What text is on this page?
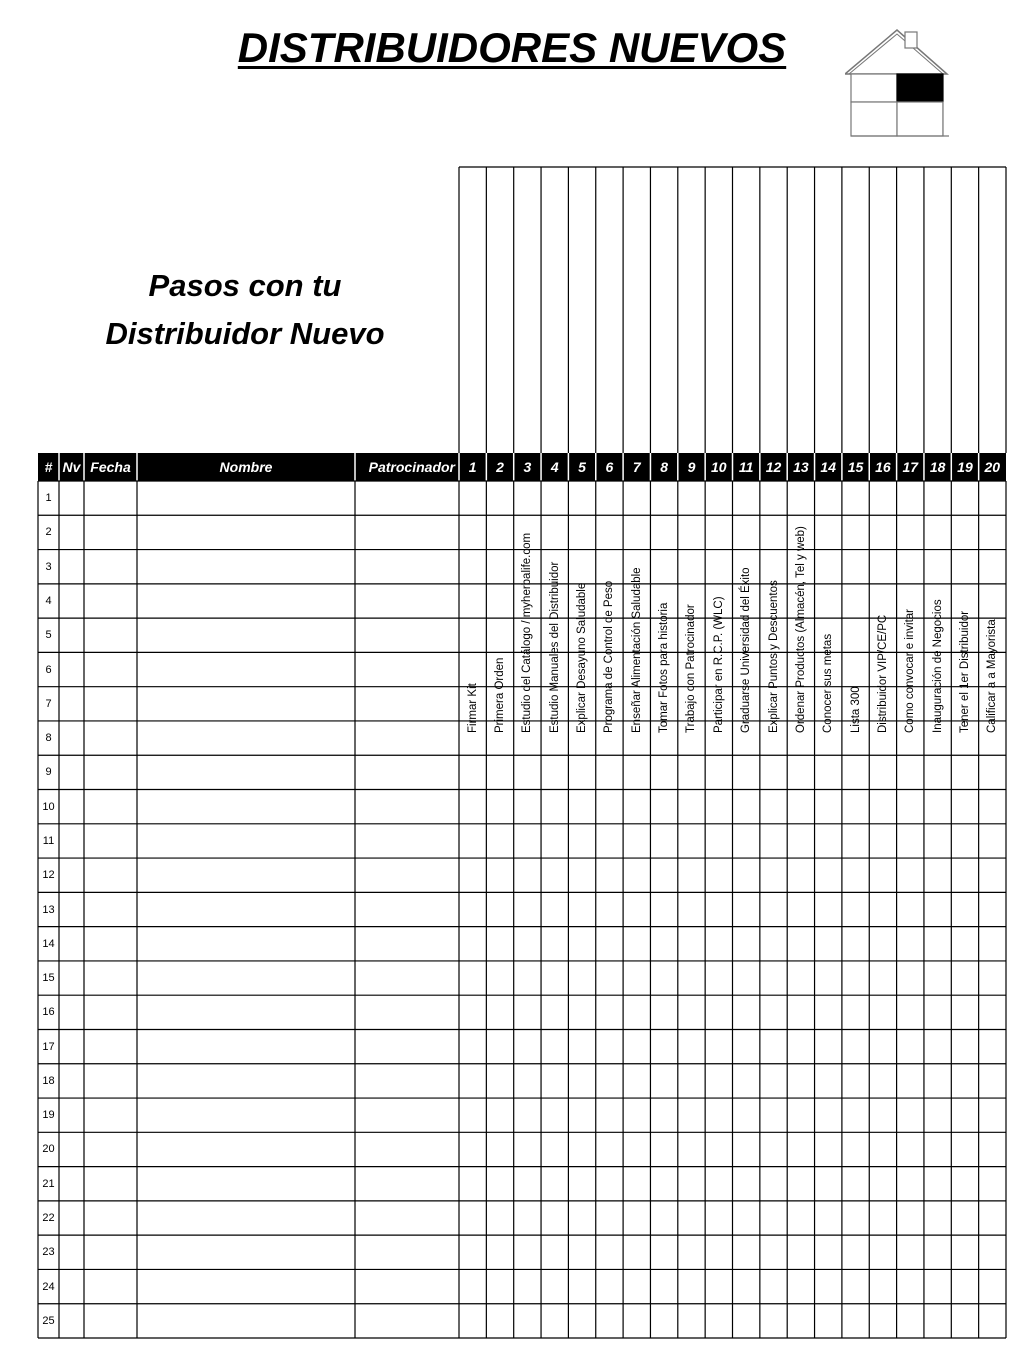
DISTRIBUIDORES NUEVOS
Pasos con tu
Distribuidor Nuevo
# Nv Fecha	Nombre	Patrocinador 1
Firmar Kit
2
Primera Orden
3
Estudio del Catálogo / myherbalife.com
4
Estudio Manuales del Distribuidor
5
Explicar Desayuno Saludable
6
Programa de Control de Peso
7
Enseñar Alimentación Saludable
8
Tomar Fotos para historia
9
Trabajo con Patrocinador
10
Participar en R.C.P. (WLC)
11
Graduarse Universidad del Éxito
12
Explicar Puntos y Descuentos
13
Ordenar Productos (Almacén, Tel y web)
14
Conocer sus metas
15
Lista 300
16
Distribuidor VIP/CE/PC
17
Como convocar e invitar
18
Inauguración de Negocios
19
Tener el 1er Distribuidor
20
Calificar a a Mayorista
1
2
3
4
5
6
7
8
9
10
11
12
13
14
15
16
17
18
19
20
21
22
23
24
25
